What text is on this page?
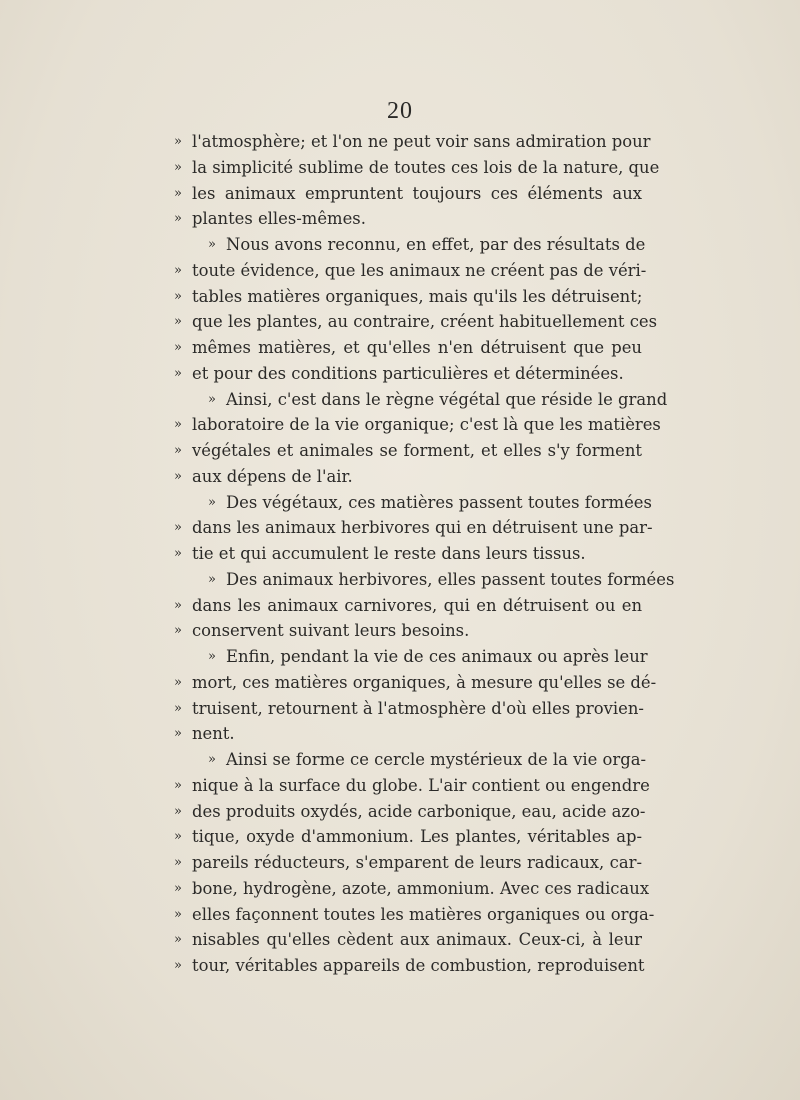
20
» l'atmosphère; et l'on ne peut voir sans admiration pour
» la simplicité sublime de toutes ces lois de la nature, que
» les animaux empruntent toujours ces éléments aux
» plantes elles-mêmes.
» Nous avons reconnu, en effet, par des résultats de
» toute évidence, que les animaux ne créent pas de véri-
» tables matières organiques, mais qu'ils les détruisent;
» que les plantes, au contraire, créent habituellement ces
» mêmes matières, et qu'elles n'en détruisent que peu
» et pour des conditions particulières et déterminées.
» Ainsi, c'est dans le règne végétal que réside le grand
» laboratoire de la vie organique; c'est là que les matières
» végétales et animales se forment, et elles s'y forment
» aux dépens de l'air.
» Des végétaux, ces matières passent toutes formées
» dans les animaux herbivores qui en détruisent une par-
» tie et qui accumulent le reste dans leurs tissus.
» Des animaux herbivores, elles passent toutes formées
» dans les animaux carnivores, qui en détruisent ou en
» conservent suivant leurs besoins.
» Enfin, pendant la vie de ces animaux ou après leur
» mort, ces matières organiques, à mesure qu'elles se dé-
» truisent, retournent à l'atmosphère d'où elles provien-
» nent.
» Ainsi se forme ce cercle mystérieux de la vie orga-
» nique à la surface du globe. L'air contient ou engendre
» des produits oxydés, acide carbonique, eau, acide azo-
» tique, oxyde d'ammonium. Les plantes, véritables ap-
» pareils réducteurs, s'emparent de leurs radicaux, car-
» bone, hydrogène, azote, ammonium. Avec ces radicaux
» elles façonnent toutes les matières organiques ou orga-
» nisables qu'elles cèdent aux animaux. Ceux-ci, à leur
» tour, véritables appareils de combustion, reproduisent
